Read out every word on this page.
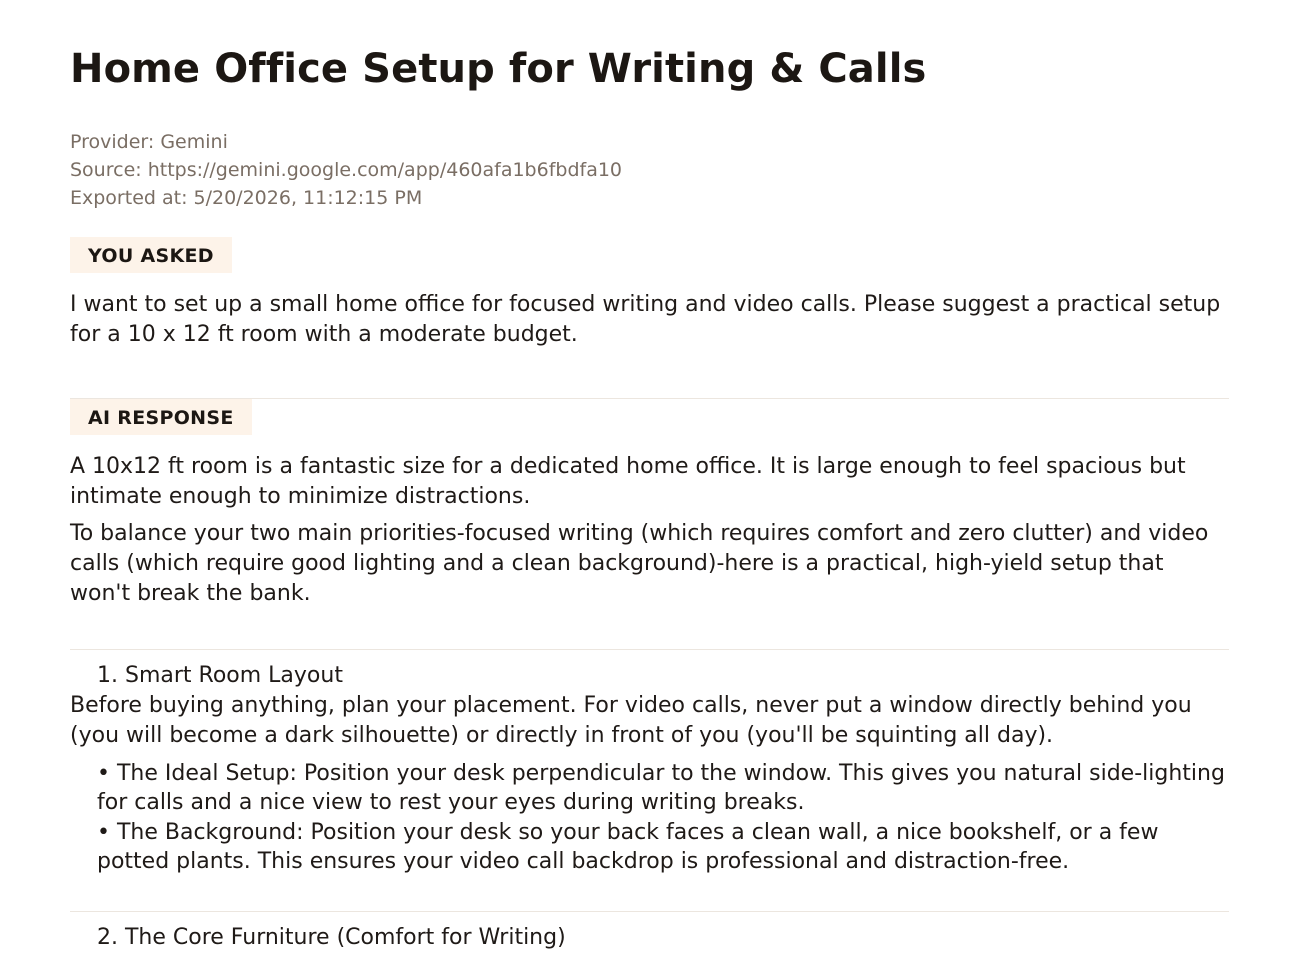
Home Office Setup for Writing & Calls
Provider: Gemini
Source: https://gemini.google.com/app/460afa1b6fbdfa10
Exported at: 5/20/2026, 11:12:15 PM
YOU ASKED

I want to set up a small home office for focused writing and video calls. Please suggest a practical setup for a 10 x 12 ft room with a moderate budget.

AI RESPONSE

A 10x12 ft room is a fantastic size for a dedicated home office. It is large enough to feel spacious but intimate enough to minimize distractions.

To balance your two main priorities-focused writing (which requires comfort and zero clutter) and video calls (which require good lighting and a clean background)-here is a practical, high-yield setup that won't break the bank.

1. Smart Room Layout

Before buying anything, plan your placement. For video calls, never put a window directly behind you (you will become a dark silhouette) or directly in front of you (you'll be squinting all day).

• The Ideal Setup: Position your desk perpendicular to the window. This gives you natural side-lighting for calls and a nice view to rest your eyes during writing breaks.
• The Background: Position your desk so your back faces a clean wall, a nice bookshelf, or a few potted plants. This ensures your video call backdrop is professional and distraction-free.
2. The Core Furniture (Comfort for Writing)
